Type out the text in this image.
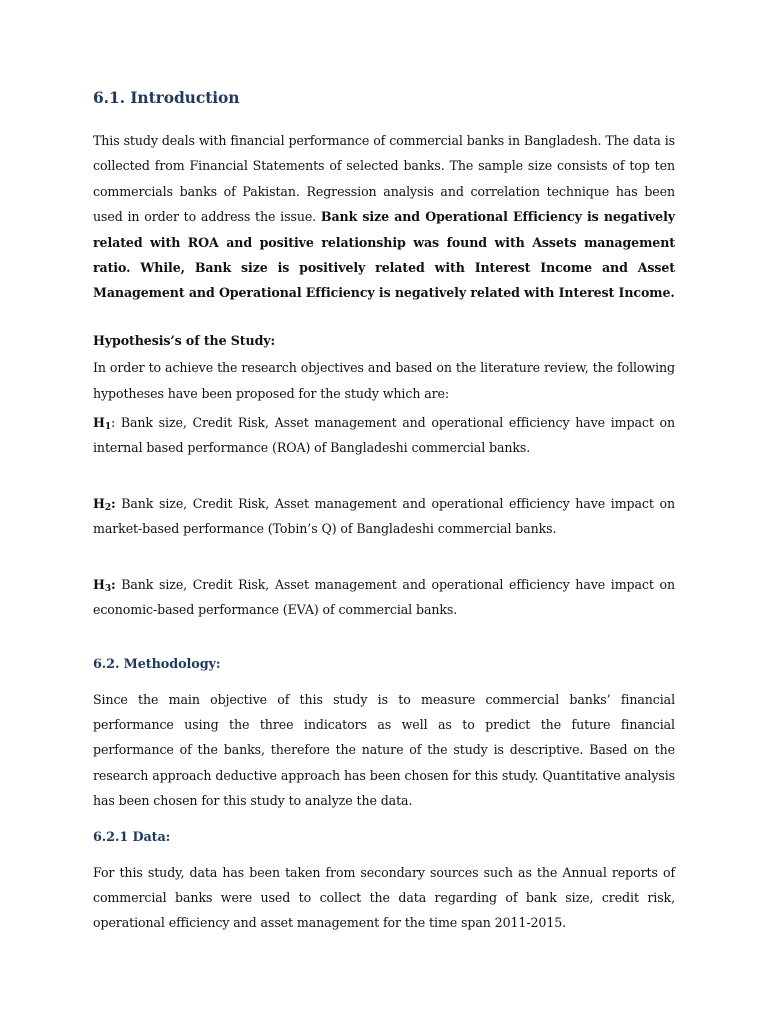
6.1. Introduction

This study deals with financial performance of commercial banks in Bangladesh. The data is collected from Financial Statements of selected banks. The sample size consists of top ten commercials banks of Pakistan. Regression analysis and correlation technique has been used in order to address the issue. Bank size and Operational Efficiency is negatively related with ROA and positive relationship was found with Assets management ratio. While, Bank size is positively related with Interest Income and Asset Management and Operational Efficiency is negatively related with Interest Income.

Hypothesis’s of the Study:

In order to achieve the research objectives and based on the literature review, the following hypotheses have been proposed for the study which are:

$H_1$: Bank size, Credit Risk, Asset management and operational efficiency have impact on internal based performance (ROA) of Bangladeshi commercial banks.

$H_2$: Bank size, Credit Risk, Asset management and operational efficiency have impact on market-based performance (Tobin’s Q) of Bangladeshi commercial banks.

$H_3$: Bank size, Credit Risk, Asset management and operational efficiency have impact on economic-based performance (EVA) of commercial banks.

6.2. Methodology:

Since the main objective of this study is to measure commercial banks’ financial performance using the three indicators as well as to predict the future financial performance of the banks, therefore the nature of the study is descriptive. Based on the research approach deductive approach has been chosen for this study. Quantitative analysis has been chosen for this study to analyze the data.

6.2.1 Data:

For this study, data has been taken from secondary sources such as the Annual reports of commercial banks were used to collect the data regarding of bank size, credit risk, operational efficiency and asset management for the time span 2011-2015.
